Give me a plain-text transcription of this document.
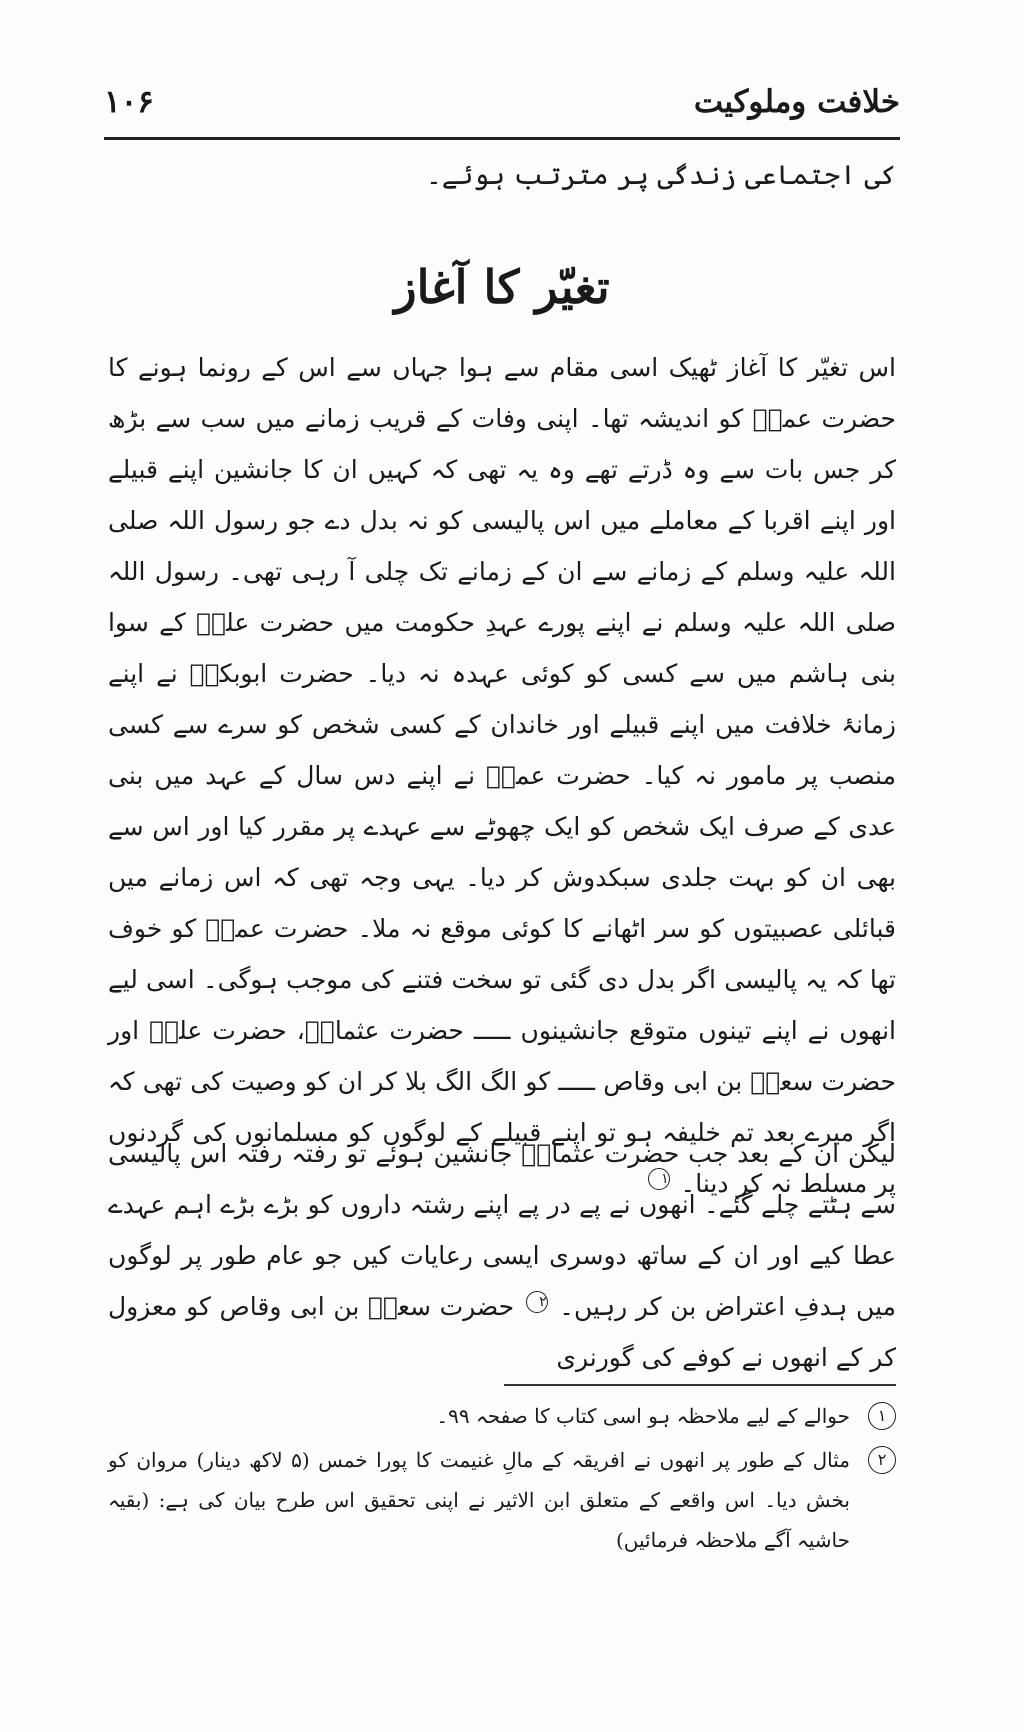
خلافت وملوکیت
۱۰۶
کی اجتماعی زندگی پر مترتب ہوئے۔
تغیّر کا آغاز
اس تغیّر کا آغاز ٹھیک اسی مقام سے ہوا جہاں سے اس کے رونما ہونے کا حضرت عمرؓ کو اندیشہ تھا۔ اپنی وفات کے قریب زمانے میں سب سے بڑھ کر جس بات سے وہ ڈرتے تھے وہ یہ تھی کہ کہیں ان کا جانشین اپنے قبیلے اور اپنے اقربا کے معاملے میں اس پالیسی کو نہ بدل دے جو رسول اللہ صلی اللہ علیہ وسلم کے زمانے سے ان کے زمانے تک چلی آ رہی تھی۔ رسول اللہ صلی اللہ علیہ وسلم نے اپنے پورے عہدِ حکومت میں حضرت علیؓ کے سوا بنی ہاشم میں سے کسی کو کوئی عہدہ نہ دیا۔ حضرت ابوبکرؓ نے اپنے زمانۂ خلافت میں اپنے قبیلے اور خاندان کے کسی شخص کو سرے سے کسی منصب پر مامور نہ کیا۔ حضرت عمرؓ نے اپنے دس سال کے عہد میں بنی عدی کے صرف ایک شخص کو ایک چھوٹے سے عہدے پر مقرر کیا اور اس سے بھی ان کو بہت جلدی سبکدوش کر دیا۔ یہی وجہ تھی کہ اس زمانے میں قبائلی عصبیتوں کو سر اٹھانے کا کوئی موقع نہ ملا۔ حضرت عمرؓ کو خوف تھا کہ یہ پالیسی اگر بدل دی گئی تو سخت فتنے کی موجب ہوگی۔ اسی لیے انھوں نے اپنے تینوں متوقع جانشینوں ـــــ حضرت عثمانؓ، حضرت علیؓ اور حضرت سعدؓ بن ابی وقاص ـــــ کو الگ الگ بلا کر ان کو وصیت کی تھی کہ اگر میرے بعد تم خلیفہ ہو تو اپنے قبیلے کے لوگوں کو مسلمانوں کی گردنوں پر مسلط نہ کر دینا۔ ۱
لیکن ان کے بعد جب حضرت عثمانؓ جانشین ہوئے تو رفتہ رفتہ اس پالیسی سے ہٹتے چلے گئے۔ انھوں نے پے در پے اپنے رشتہ داروں کو بڑے بڑے اہم عہدے عطا کیے اور ان کے ساتھ دوسری ایسی رعایات کیں جو عام طور پر لوگوں میں ہدفِ اعتراض بن کر رہیں۔ ۲ حضرت سعدؓ بن ابی وقاص کو معزول کر کے انھوں نے کوفے کی گورنری
۱
حوالے کے لیے ملاحظہ ہو اسی کتاب کا صفحہ ۹۹۔
۲
مثال کے طور پر انھوں نے افریقہ کے مالِ غنیمت کا پورا خمس (۵ لاکھ دینار) مروان کو بخش دیا۔ اس واقعے کے متعلق ابن الاثیر نے اپنی تحقیق اس طرح بیان کی ہے: (بقیہ حاشیہ آگے ملاحظہ فرمائیں)
